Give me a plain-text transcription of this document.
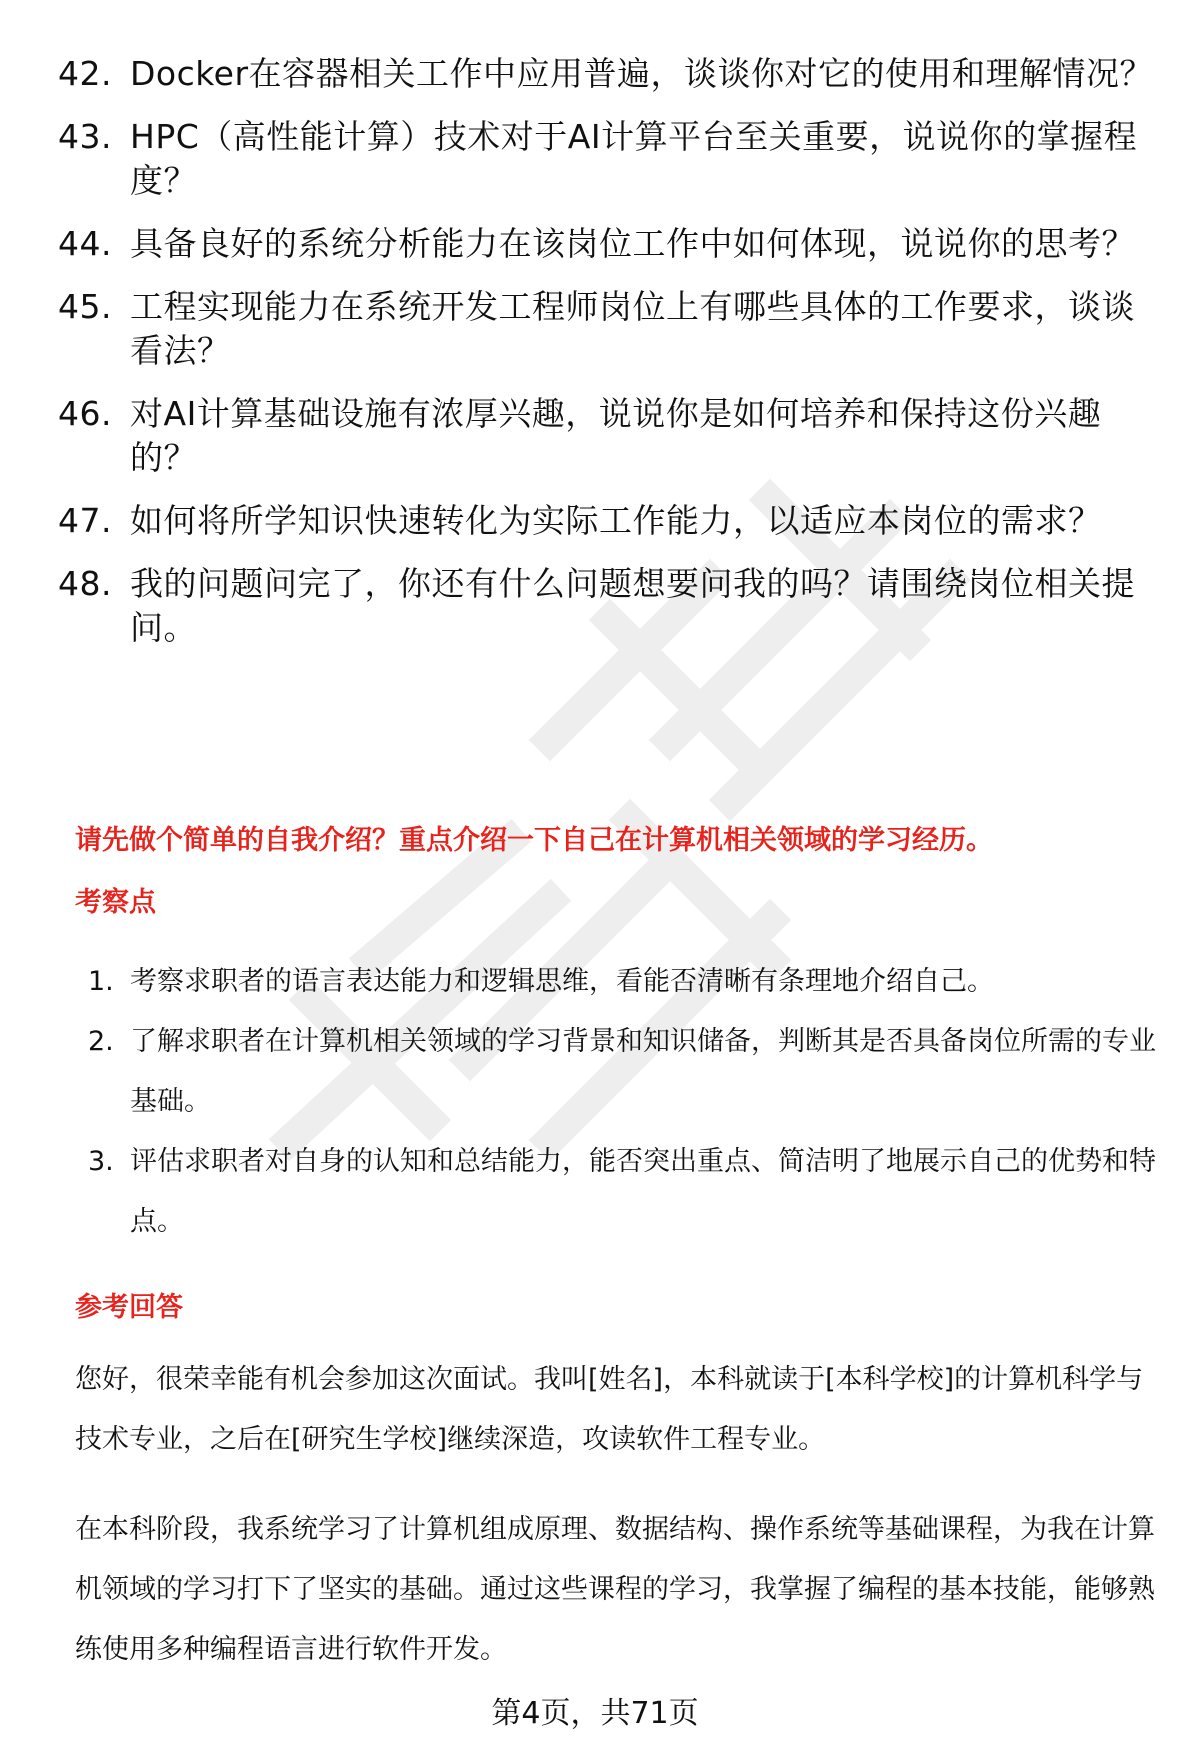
42. Docker在容器相关工作中应用普遍，谈谈你对它的使用和理解情况？
43. HPC（高性能计算）技术对于AI计算平台至关重要，说说你的掌握程度？
44. 具备良好的系统分析能力在该岗位工作中如何体现，说说你的思考？
45. 工程实现能力在系统开发工程师岗位上有哪些具体的工作要求，谈谈看法？
46. 对AI计算基础设施有浓厚兴趣，说说你是如何培养和保持这份兴趣的？
47. 如何将所学知识快速转化为实际工作能力，以适应本岗位的需求？
48. 我的问题问完了，你还有什么问题想要问我的吗？请围绕岗位相关提问。
请先做个简单的自我介绍？重点介绍一下自己在计算机相关领域的学习经历。
考察点
1. 考察求职者的语言表达能力和逻辑思维，看能否清晰有条理地介绍自己。
2. 了解求职者在计算机相关领域的学习背景和知识储备，判断其是否具备岗位所需的专业基础。
3. 评估求职者对自身的认知和总结能力，能否突出重点、简洁明了地展示自己的优势和特点。
参考回答

您好，很荣幸能有机会参加这次面试。我叫[姓名]，本科就读于[本科学校]的计算机科学与技术专业，之后在[研究生学校]继续深造，攻读软件工程专业。

在本科阶段，我系统学习了计算机组成原理、数据结构、操作系统等基础课程，为我在计算机领域的学习打下了坚实的基础。通过这些课程的学习，我掌握了编程的基本技能，能够熟练使用多种编程语言进行软件开发。

第4页，共71页
